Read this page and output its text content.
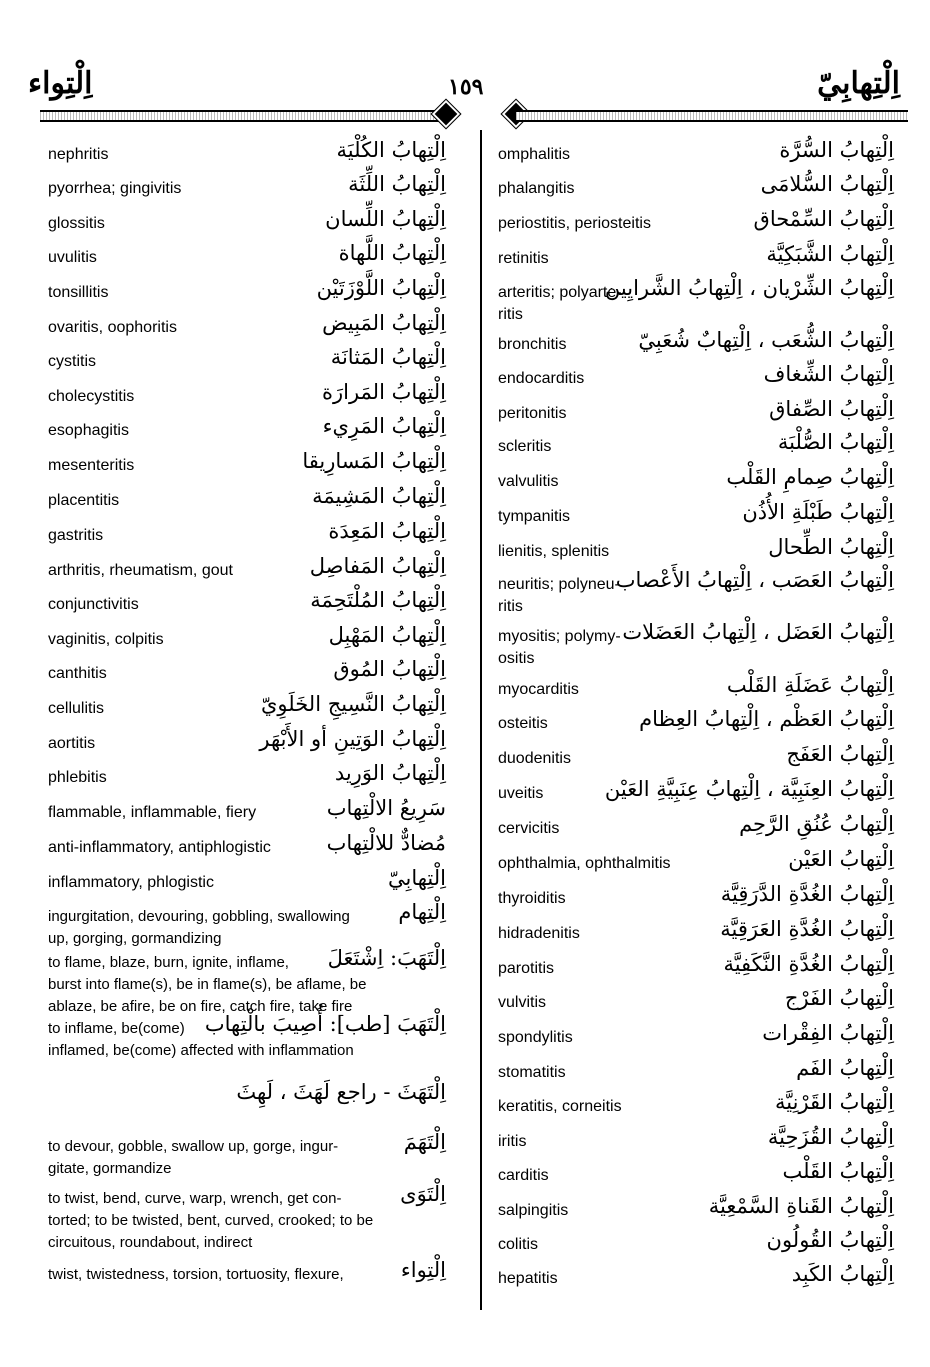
اِلْتِواء	١٥٩	اِلْتِهابِيّ
nephritis	اِلْتِهابُ الكُلْيَة
pyorrhea; gingivitis	اِلْتِهابُ اللِّثَة
glossitis	اِلْتِهابُ اللِّسان
uvulitis	اِلْتِهابُ اللَّهاة
tonsillitis	اِلْتِهابُ اللَّوْزَتَيْن
ovaritis, oophoritis	اِلْتِهابُ المَبِيض
cystitis	اِلْتِهابُ المَثانَة
cholecystitis	اِلْتِهابُ المَرارَة
esophagitis	اِلْتِهابُ المَرِيء
mesenteritis	اِلْتِهابُ المَسارِيقا
placentitis	اِلْتِهابُ المَشِيمَة
gastritis	اِلْتِهابُ المَعِدَة
arthritis, rheumatism, gout	اِلْتِهابُ المَفاصِل
conjunctivitis	اِلْتِهابُ المُلْتَحِمَة
vaginitis, colpitis	اِلْتِهابُ المَهْبِل
canthitis	اِلْتِهابُ المُوق
cellulitis	اِلْتِهابُ النَّسِيجِ الخَلَوِيّ
aortitis	اِلْتِهابُ الوَتِينِ أو الأَبْهَر
phlebitis	اِلْتِهابُ الوَرِيد
flammable, inflammable, fiery	سَرِيعُ الالْتِهاب
anti-inflammatory, antiphlogistic	مُضادٌّ للالْتِهاب
inflammatory, phlogistic	اِلْتِهابِيّ
ingurgitation, devouring, gobbling, swallowing
up, gorging, gormandizing
اِلْتِهام
to flame, blaze, burn, ignite, inflame,
burst into flame(s), be in flame(s), be aflame, be
ablaze, be afire, be on fire, catch fire, take fire
اِلْتَهَبَ: اِشْتَعَلَ
to inflame, be(come)
inflamed, be(come) affected with inflammation
اِلْتَهَبَ [طب]: أُصِيبَ بالْتِهاب
اِلْتَهَثَ - راجع لَهَثَ ، لَهِثَ
to devour, gobble, swallow up, gorge, ingur-
gitate, gormandize
اِلْتَهَمَ
to twist, bend, curve, warp, wrench, get con-
torted; to be twisted, bent, curved, crooked; to be
circuitous, roundabout, indirect
اِلْتَوَى
twist, twistedness, torsion, tortuosity, flexure,	اِلْتِواء
omphalitis	اِلْتِهابُ السُّرَّة
phalangitis	اِلْتِهابُ السُّلامَى
periostitis, periosteitis	اِلْتِهابُ السِّمْحاق
retinitis	اِلْتِهابُ الشَّبَكِيَّة
arteritis; polyarte-
ritis
اِلْتِهابُ الشِّرْيان ، اِلْتِهابُ الشَّرايِين
bronchitis	اِلْتِهابُ الشُّعَب ، اِلْتِهابٌ شُعَبِيّ
endocarditis	اِلْتِهابُ الشِّغاف
peritonitis	اِلْتِهابُ الصِّفاق
scleritis	اِلْتِهابُ الصُّلْبَة
valvulitis	اِلْتِهابُ صِمامِ القَلْب
tympanitis	اِلْتِهابُ طَبْلَةِ الأُذُن
lienitis, splenitis	اِلْتِهابُ الطِّحال
neuritis; polyneu-
ritis
اِلْتِهابُ العَصَب ، اِلْتِهابُ الأَعْصاب
myositis; polymy-
ositis
اِلْتِهابُ العَضَل ، اِلْتِهابُ العَضَلات
myocarditis	اِلْتِهابُ عَضَلَةِ القَلْب
osteitis	اِلْتِهابُ العَظْم ، اِلْتِهابُ العِظام
duodenitis	اِلْتِهابُ العَفَج
uveitis	اِلْتِهابُ العِنَبِيَّة ، اِلْتِهابُ عِنَبِيَّةِ العَيْن
cervicitis	اِلْتِهابُ عُنُقِ الرَّحِم
ophthalmia, ophthalmitis	اِلْتِهابُ العَيْن
thyroiditis	اِلْتِهابُ الغُدَّةِ الدَّرَقِيَّة
hidradenitis	اِلْتِهابُ الغُدَّةِ العَرَقِيَّة
parotitis	اِلْتِهابُ الغُدَّةِ النَّكَفِيَّة
vulvitis	اِلْتِهابُ الفَرْج
spondylitis	اِلْتِهابُ الفِقْرات
stomatitis	اِلْتِهابُ الفَم
keratitis, corneitis	اِلْتِهابُ القَرْنِيَّة
iritis	اِلْتِهابُ القُزَحِيَّة
carditis	اِلْتِهابُ القَلْب
salpingitis	اِلْتِهابُ القَناةِ السَّمْعِيَّة
colitis	اِلْتِهابُ القُولُون
hepatitis	اِلْتِهابُ الكَبِد
